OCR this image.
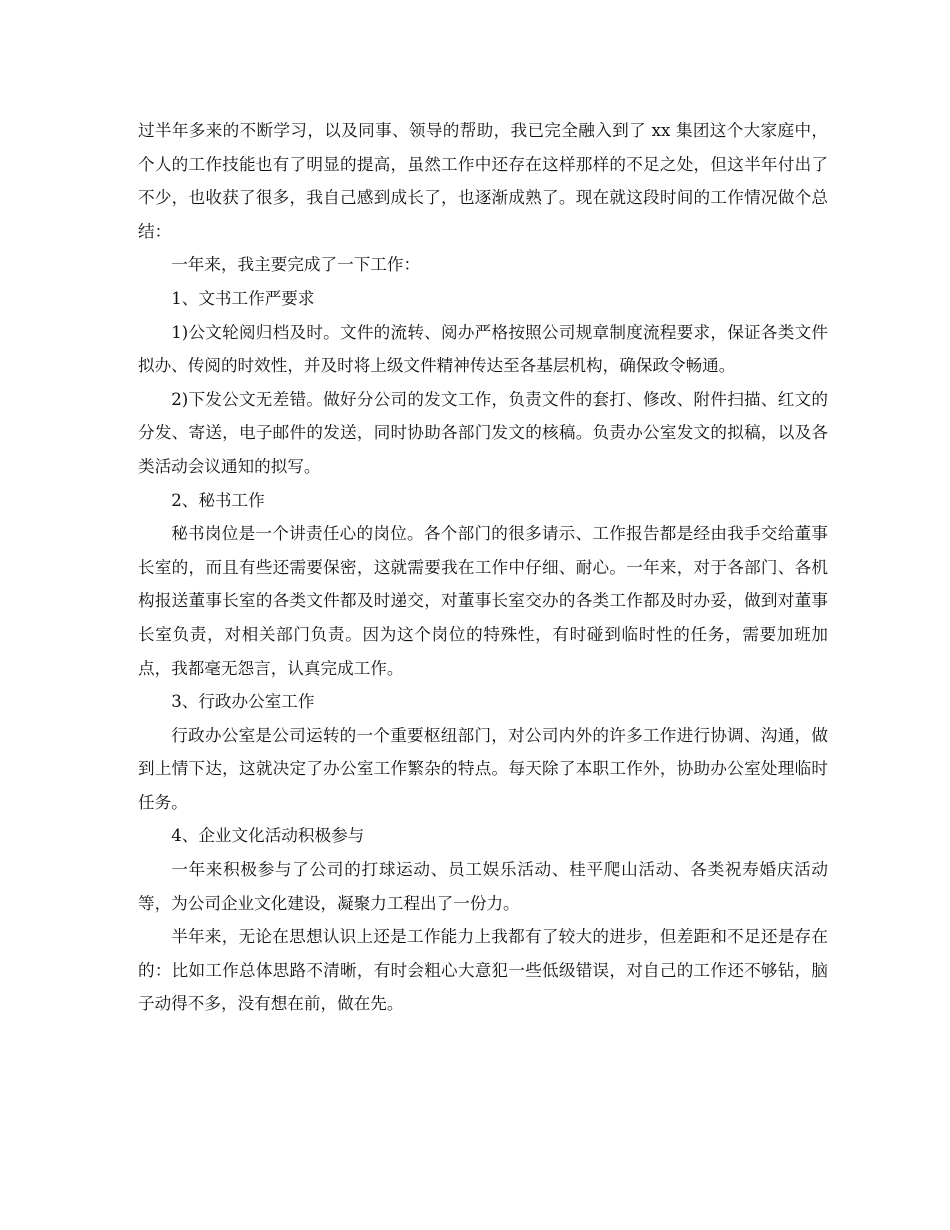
过半年多来的不断学习，以及同事、领导的帮助，我已完全融入到了 xx 集团这个大家庭中，个人的工作技能也有了明显的提高，虽然工作中还存在这样那样的不足之处，但这半年付出了不少，也收获了很多，我自己感到成长了，也逐渐成熟了。现在就这段时间的工作情况做个总结：

一年来，我主要完成了一下工作：

1、文书工作严要求

1)公文轮阅归档及时。文件的流转、阅办严格按照公司规章制度流程要求，保证各类文件拟办、传阅的时效性，并及时将上级文件精神传达至各基层机构，确保政令畅通。

2)下发公文无差错。做好分公司的发文工作，负责文件的套打、修改、附件扫描、红文的分发、寄送，电子邮件的发送，同时协助各部门发文的核稿。负责办公室发文的拟稿，以及各类活动会议通知的拟写。

2、秘书工作

秘书岗位是一个讲责任心的岗位。各个部门的很多请示、工作报告都是经由我手交给董事长室的，而且有些还需要保密，这就需要我在工作中仔细、耐心。一年来，对于各部门、各机构报送董事长室的各类文件都及时递交，对董事长室交办的各类工作都及时办妥，做到对董事长室负责，对相关部门负责。因为这个岗位的特殊性，有时碰到临时性的任务，需要加班加点，我都毫无怨言，认真完成工作。

3、行政办公室工作

行政办公室是公司运转的一个重要枢纽部门，对公司内外的许多工作进行协调、沟通，做到上情下达，这就决定了办公室工作繁杂的特点。每天除了本职工作外，协助办公室处理临时任务。

4、企业文化活动积极参与

一年来积极参与了公司的打球运动、员工娱乐活动、桂平爬山活动、各类祝寿婚庆活动等，为公司企业文化建设，凝聚力工程出了一份力。

半年来，无论在思想认识上还是工作能力上我都有了较大的进步，但差距和不足还是存在的：比如工作总体思路不清晰，有时会粗心大意犯一些低级错误，对自己的工作还不够钻，脑子动得不多，没有想在前，做在先。
